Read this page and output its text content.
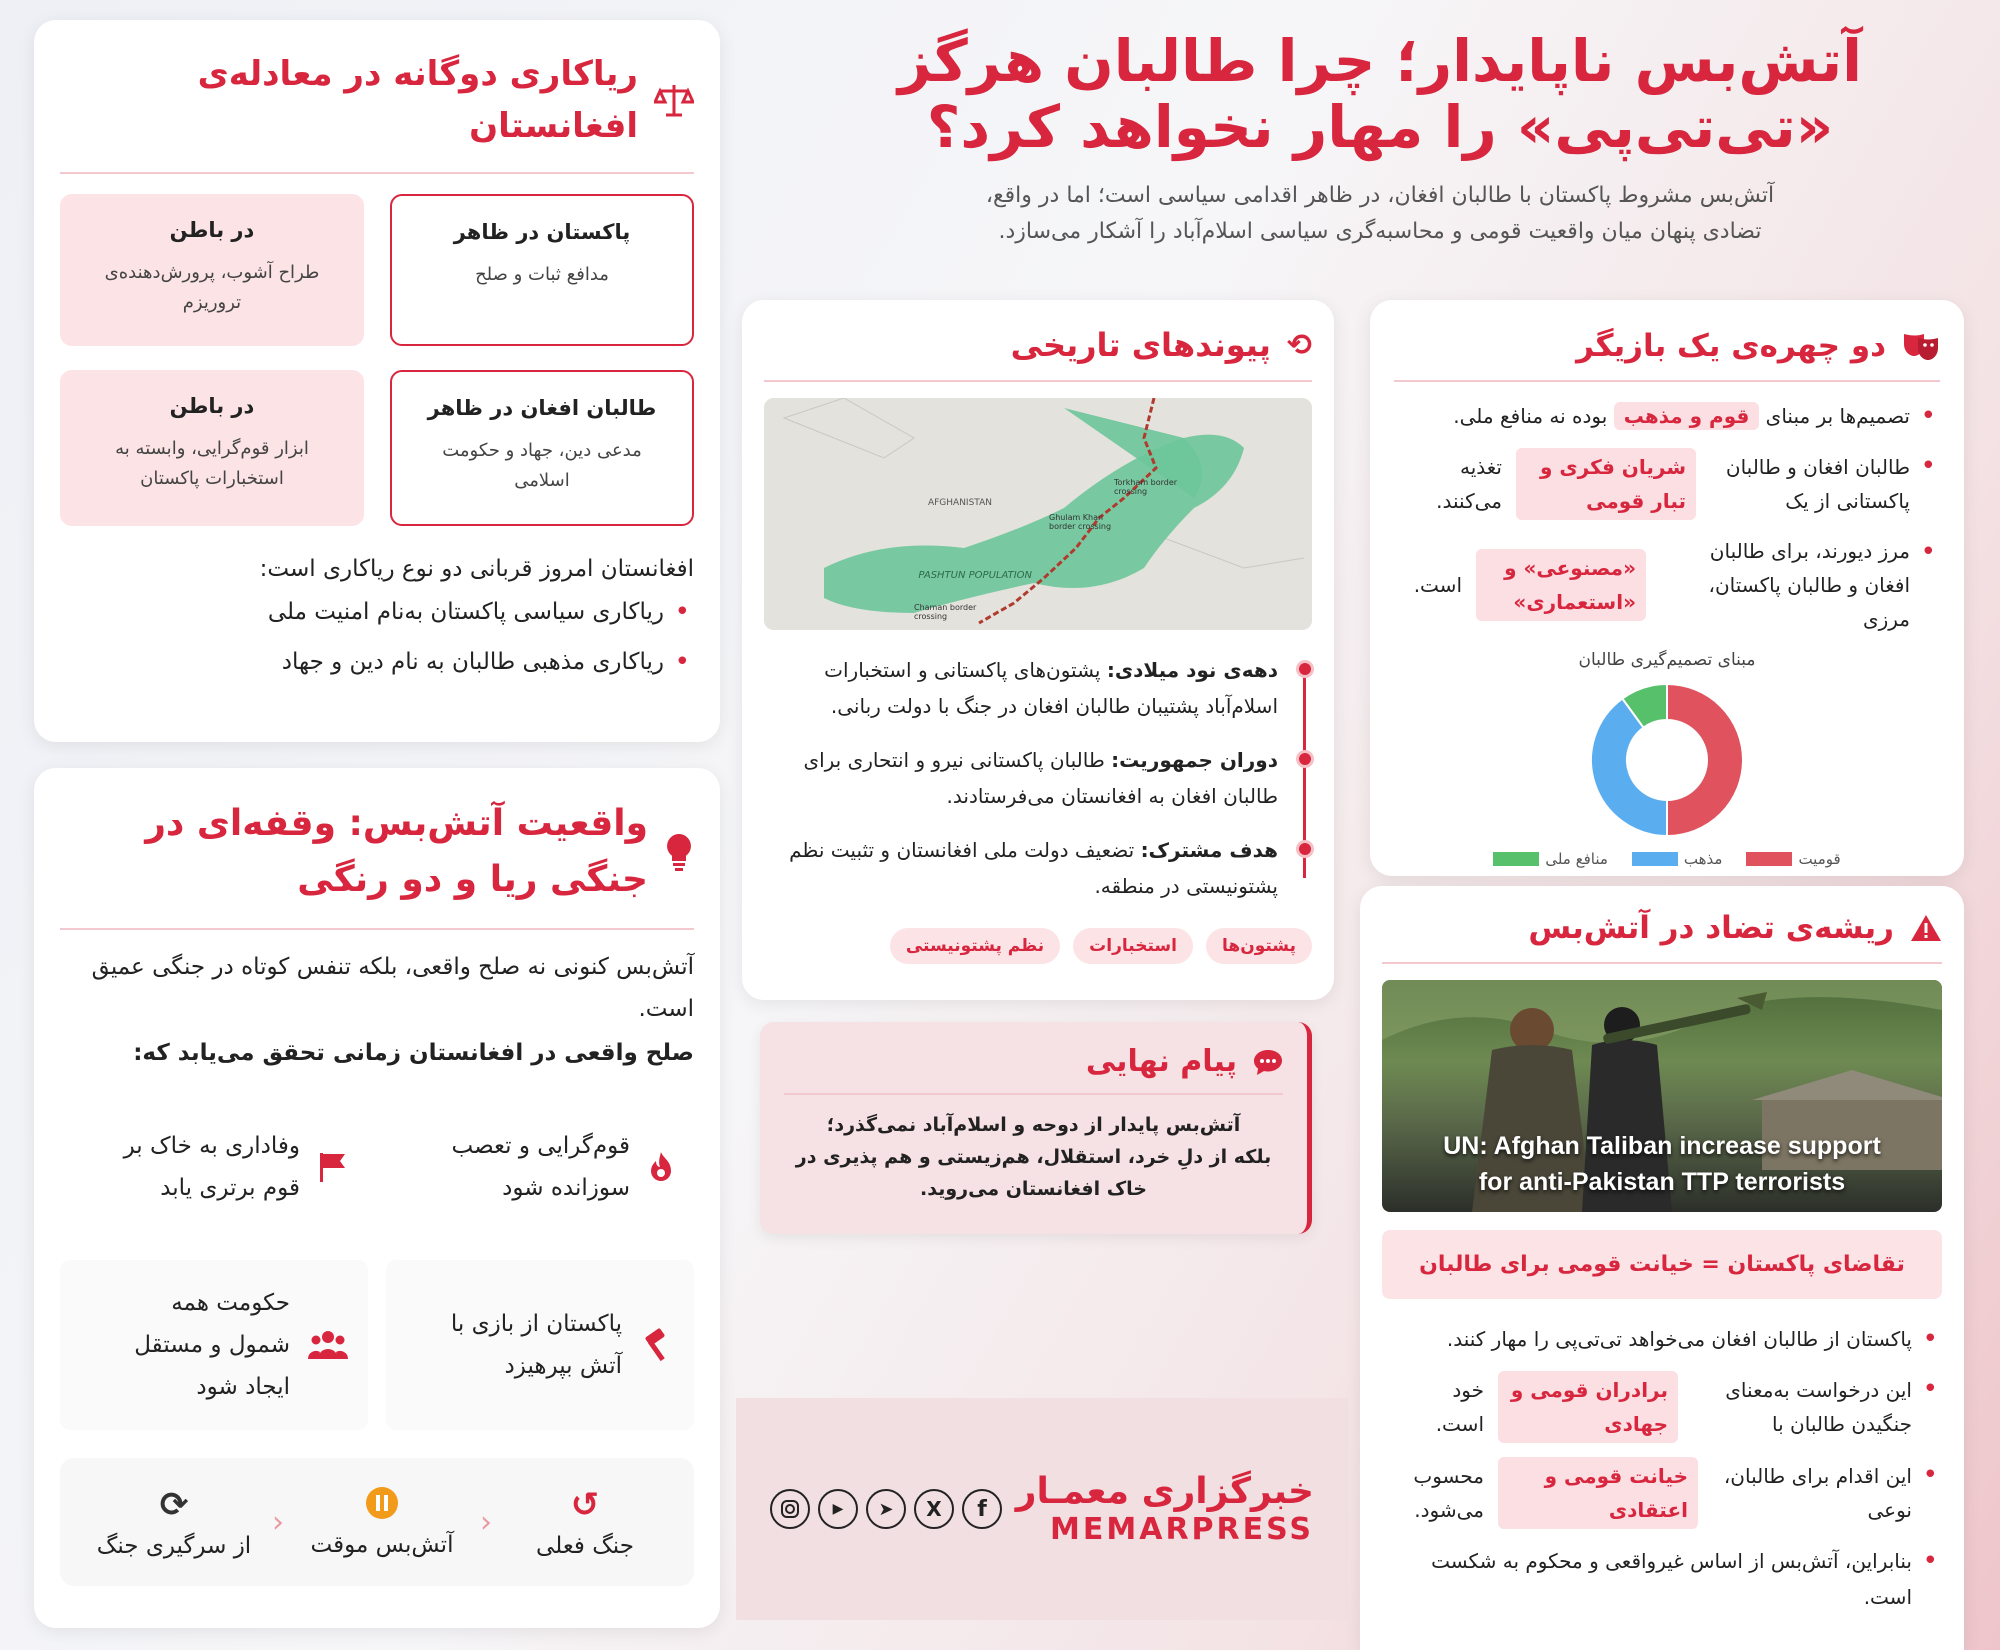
آتش‌بس ناپایدار؛ چرا طالبان هرگز
«تی‌تی‌پی» را مهار نخواهد کرد؟
آتش‌بس مشروط پاکستان با طالبان افغان، در ظاهر اقدامی سیاسی است؛ اما در واقع،
تضادی پنهان میان واقعیت قومی و محاسبه‌گری سیاسی اسلام‌آباد را آشکار می‌سازد.
ریاکاری دوگانه در معادله‌ی افغانستان
پاکستان در ظاهر
مدافع ثبات و صلح
در باطن
طراح آشوب، پرورش‌دهنده‌ی تروریزم
طالبان افغان در ظاهر
مدعی دین، جهاد و حکومت اسلامی
در باطن
ابزار قوم‌گرایی، وابسته به استخبارات پاکستان
افغانستان امروز قربانی دو نوع ریاکاری است:
• ریاکاری سیاسی پاکستان به‌نام امنیت ملی
• ریاکاری مذهبی طالبان به نام دین و جهاد
واقعیت آتش‌بس: وقفه‌ای در جنگی ریا و دو رنگی
آتش‌بس کنونی نه صلح واقعی، بلکه تنفس کوتاه در جنگی عمیق است.
صلح واقعی در افغانستان زمانی تحقق می‌یابد که:
قوم‌گرایی و تعصب سوزانده شود
وفاداری به خاک بر قوم برتری یابد
پاکستان از بازی با آتش بپرهیزد
حکومت همه شمول و مستقل ایجاد شود
↺
جنگ فعلی
‹
آتش‌بس موقت
‹
⟳
از سرگیری جنگ
⟲
پیوندهای تاریخی
AFGHANISTAN
PASHTUN POPULATION
Torkham border crossing
Ghulam Khan border crossing
Chaman border crossing
دهه‌ی نود میلادی: پشتون‌های پاکستانی و استخبارات اسلام‌آباد پشتیبان طالبان افغان در جنگ با دولت ربانی.
دوران جمهوریت: طالبان پاکستانی نیرو و انتحاری برای طالبان افغان به افغانستان می‌فرستادند.
هدف مشترک: تضعیف دولت ملی افغانستان و تثبیت نظم پشتونیستی در منطقه.
پشتون‌ها استخبارات نظم پشتونیستی
پیام نهایی
آتش‌بس پایدار از دوحه و اسلام‌آباد نمی‌گذرد؛
بلکه از دلِ خرد، استقلال، هم‌زیستی و هم پذیری در خاک افغانستان می‌روید.
خبرگزاری معمـار
MEMARPRESS
f
X
➤
▶
دو چهره‌ی یک بازیگر
• تصمیم‌ها بر مبنای قوم و مذهب بوده نه منافع ملی.
• طالبان افغان و طالبان پاکستانی از یک
شریان فکری و تبار قومی
تغذیه می‌کنند.
• مرز دیورند، برای طالبان افغان و طالبان پاکستان، مرزی
«مصنوعی» و «استعماری»
است.
مبنای تصمیم‌گیری طالبان
قومیت
مذهب
منافع ملی
ریشه‌ی تضاد در آتش‌بس
UN: Afghan Taliban increase support
for anti-Pakistan TTP terrorists
تقاضای پاکستان = خیانت قومی برای طالبان
• پاکستان از طالبان افغان می‌خواهد تی‌تی‌پی را مهار کنند.
• این درخواست به‌معنای جنگیدن طالبان با
برادران قومی و جهادی
خود است.
• این اقدام برای طالبان، نوعی
خیانت قومی و اعتقادی
محسوب می‌شود.
• بنابراین، آتش‌بس از اساس غیرواقعی و محکوم به شکست است.
